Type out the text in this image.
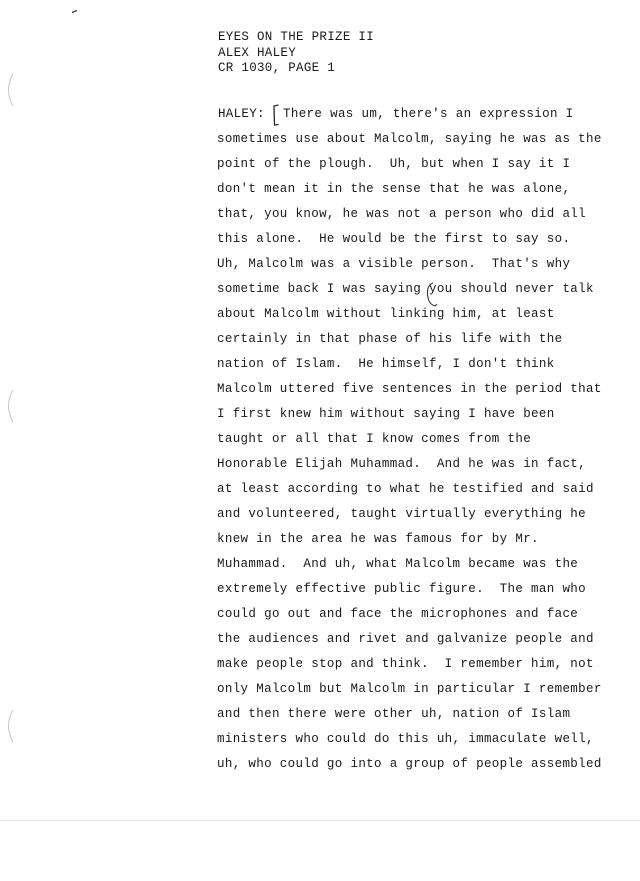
EYES ON THE PRIZE II
ALEX HALEY
CR 1030, PAGE 1
HALEY: There was um, there's an expression I
sometimes use about Malcolm, saying he was as the
point of the plough.  Uh, but when I say it I
don't mean it in the sense that he was alone,
that, you know, he was not a person who did all
this alone.  He would be the first to say so.
Uh, Malcolm was a visible person.  That's why
sometime back I was saying you should never talk
about Malcolm without linking him, at least
certainly in that phase of his life with the
nation of Islam.  He himself, I don't think
Malcolm uttered five sentences in the period that
I first knew him without saying I have been
taught or all that I know comes from the
Honorable Elijah Muhammad.  And he was in fact,
at least according to what he testified and said
and volunteered, taught virtually everything he
knew in the area he was famous for by Mr.
Muhammad.  And uh, what Malcolm became was the
extremely effective public figure.  The man who
could go out and face the microphones and face
the audiences and rivet and galvanize people and
make people stop and think.  I remember him, not
only Malcolm but Malcolm in particular I remember
and then there were other uh, nation of Islam
ministers who could do this uh, immaculate well,
uh, who could go into a group of people assembled
